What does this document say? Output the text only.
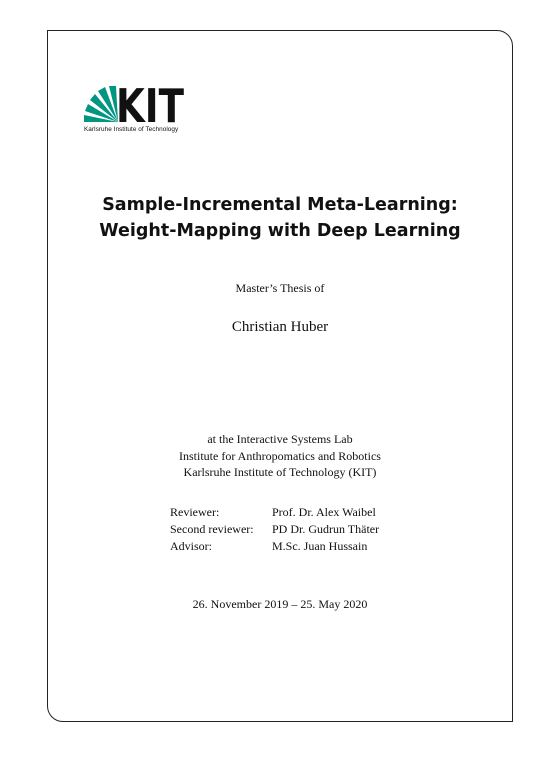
KIT
Karlsruhe Institute of Technology
Sample-Incremental Meta-Learning:
Weight-Mapping with Deep Learning
Master’s Thesis of
Christian Huber
at the Interactive Systems Lab
Institute for Anthropomatics and Robotics
Karlsruhe Institute of Technology (KIT)
Reviewer:	Prof. Dr. Alex Waibel
Second reviewer:	PD Dr. Gudrun Thäter
Advisor:	M.Sc. Juan Hussain
26. November 2019 – 25. May 2020
